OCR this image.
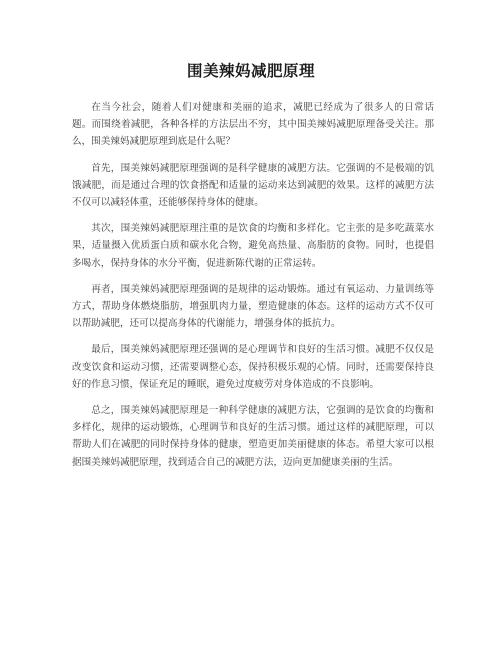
围美辣妈减肥原理

在当今社会，随着人们对健康和美丽的追求，减肥已经成为了很多人的日常话题。而围绕着减肥，各种各样的方法层出不穷，其中围美辣妈减肥原理备受关注。那么，围美辣妈减肥原理到底是什么呢？

首先，围美辣妈减肥原理强调的是科学健康的减肥方法。它强调的不是极端的饥饿减肥，而是通过合理的饮食搭配和适量的运动来达到减肥的效果。这样的减肥方法不仅可以减轻体重，还能够保持身体的健康。

其次，围美辣妈减肥原理注重的是饮食的均衡和多样化。它主张的是多吃蔬菜水果，适量摄入优质蛋白质和碳水化合物，避免高热量、高脂肪的食物。同时，也提倡多喝水，保持身体的水分平衡，促进新陈代谢的正常运转。

再者，围美辣妈减肥原理强调的是规律的运动锻炼。通过有氧运动、力量训练等方式，帮助身体燃烧脂肪，增强肌肉力量，塑造健康的体态。这样的运动方式不仅可以帮助减肥，还可以提高身体的代谢能力，增强身体的抵抗力。

最后，围美辣妈减肥原理还强调的是心理调节和良好的生活习惯。减肥不仅仅是改变饮食和运动习惯，还需要调整心态，保持积极乐观的心情。同时，还需要保持良好的作息习惯，保证充足的睡眠，避免过度疲劳对身体造成的不良影响。

总之，围美辣妈减肥原理是一种科学健康的减肥方法，它强调的是饮食的均衡和多样化，规律的运动锻炼，心理调节和良好的生活习惯。通过这样的减肥原理，可以帮助人们在减肥的同时保持身体的健康，塑造更加美丽健康的体态。希望大家可以根据围美辣妈减肥原理，找到适合自己的减肥方法，迈向更加健康美丽的生活。
